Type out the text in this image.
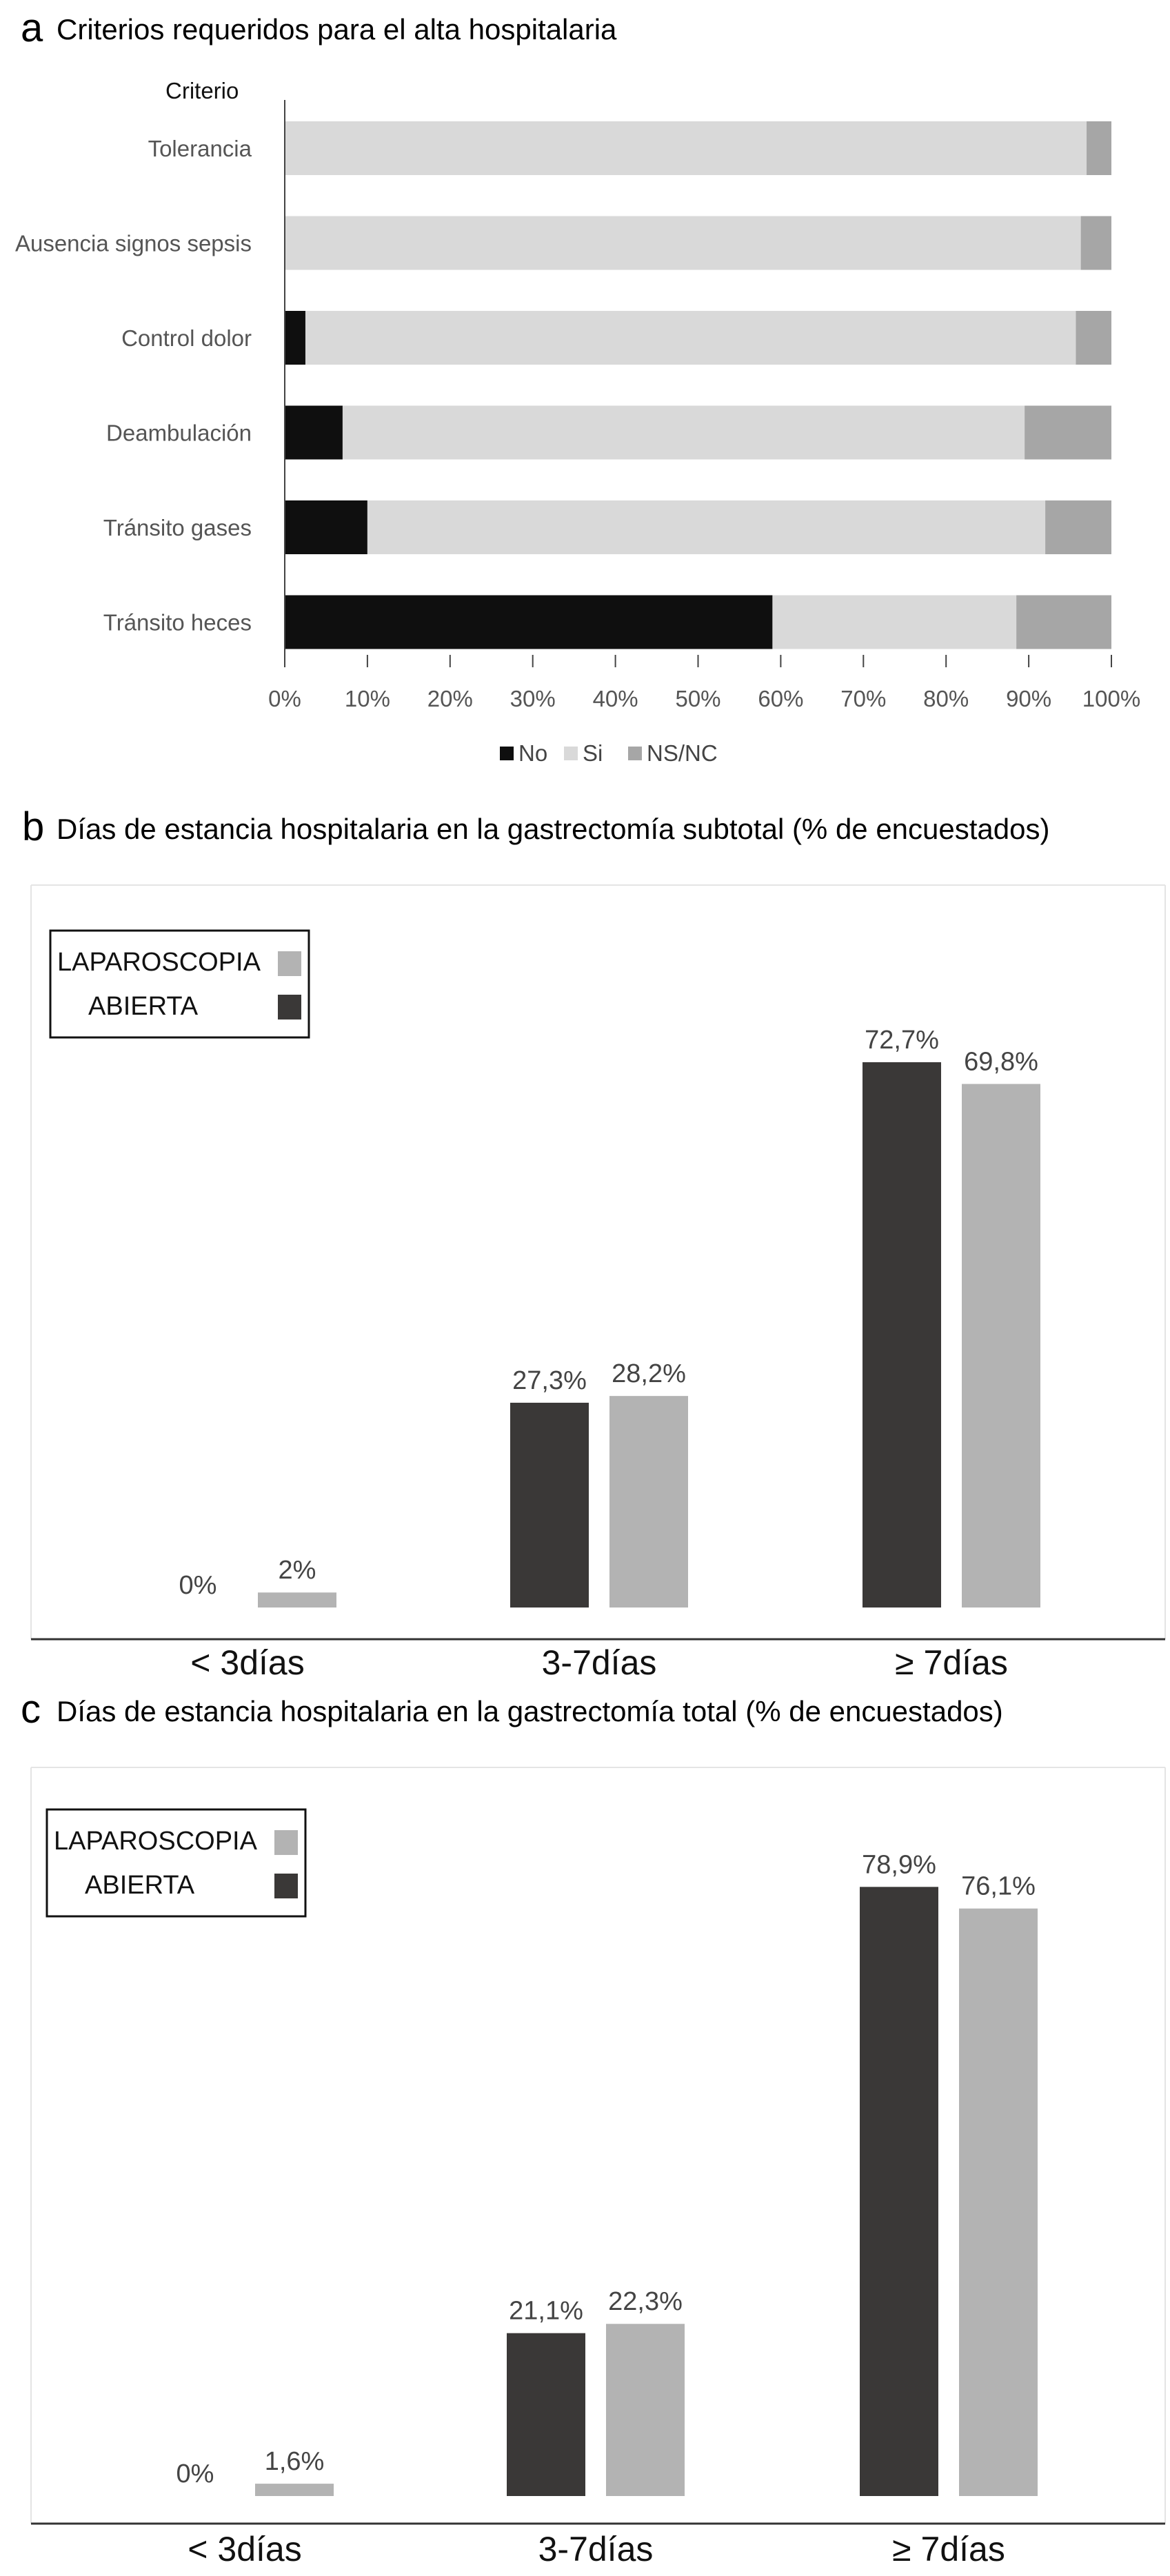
a Criterios requeridos para el alta hospitalaria
Criterio
Tolerancia
Ausencia signos sepsis
Control dolor
Deambulación
Tránsito gases
Tránsito heces
0% 10% 20% 30% 40% 50% 60% 70% 80% 90% 100%
No Si NS/NC
b Días de estancia hospitalaria en la gastrectomía subtotal (% de encuestados)
0%
2%
< 3días
27,3% 28,2%
3-7días
72,7%
69,8%
≥ 7días
LAPAROSCOPIA
ABIERTA
c Días de estancia hospitalaria en la gastrectomía total (% de encuestados)
0% 1,6%
< 3días
21,1% 22,3%
3-7días
78,9%
76,1%
≥ 7días
LAPAROSCOPIA
ABIERTA
